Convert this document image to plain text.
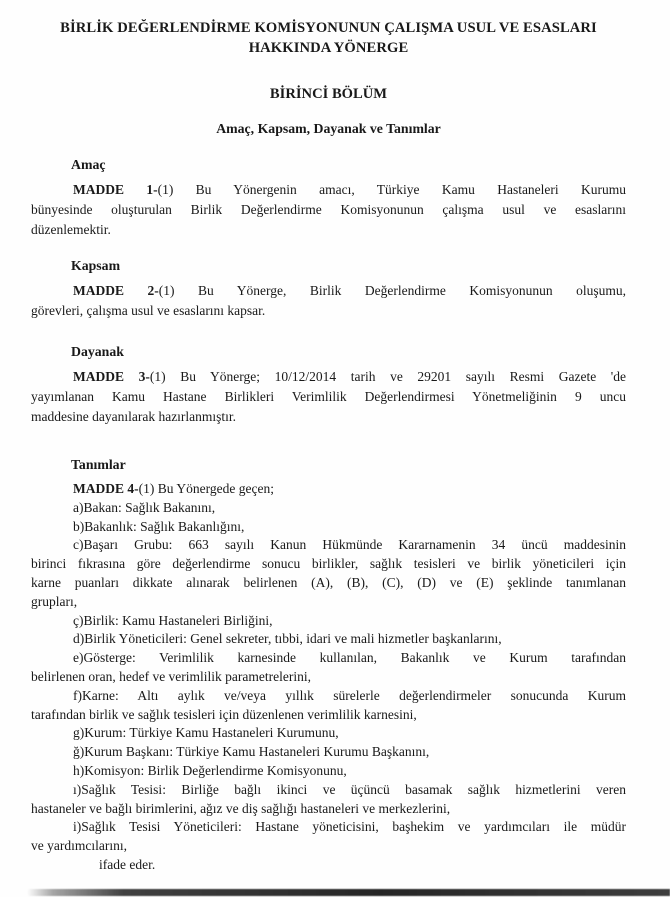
BİRLİK DEĞERLENDİRME KOMİSYONUNUN ÇALIŞMA USUL VE ESASLARI
HAKKINDA YÖNERGE
BİRİNCİ BÖLÜM
Amaç, Kapsam, Dayanak ve Tanımlar
Amaç
MADDE 1-(1) Bu Yönergenin amacı, Türkiye Kamu Hastaneleri Kurumu
bünyesinde oluşturulan Birlik Değerlendirme Komisyonunun çalışma usul ve esaslarını
düzenlemektir.
Kapsam
MADDE 2-(1) Bu Yönerge, Birlik Değerlendirme Komisyonunun oluşumu,
görevleri, çalışma usul ve esaslarını kapsar.
Dayanak
MADDE 3-(1) Bu Yönerge; 10/12/2014 tarih ve 29201 sayılı Resmi Gazete 'de
yayımlanan Kamu Hastane Birlikleri Verimlilik Değerlendirmesi Yönetmeliğinin 9 uncu
maddesine dayanılarak hazırlanmıştır.
Tanımlar
MADDE 4-(1) Bu Yönergede geçen;
a)Bakan: Sağlık Bakanını,
b)Bakanlık: Sağlık Bakanlığını,
c)Başarı Grubu: 663 sayılı Kanun Hükmünde Kararnamenin 34 üncü maddesinin
birinci fıkrasına göre değerlendirme sonucu birlikler, sağlık tesisleri ve birlik yöneticileri için
karne puanları dikkate alınarak belirlenen (A), (B), (C), (D) ve (E) şeklinde tanımlanan
grupları,
ç)Birlik: Kamu Hastaneleri Birliğini,
d)Birlik Yöneticileri: Genel sekreter, tıbbi, idari ve mali hizmetler başkanlarını,
e)Gösterge: Verimlilik karnesinde kullanılan, Bakanlık ve Kurum tarafından
belirlenen oran, hedef ve verimlilik parametrelerini,
f)Karne: Altı aylık ve/veya yıllık sürelerle değerlendirmeler sonucunda Kurum
tarafından birlik ve sağlık tesisleri için düzenlenen verimlilik karnesini,
g)Kurum: Türkiye Kamu Hastaneleri Kurumunu,
ğ)Kurum Başkanı: Türkiye Kamu Hastaneleri Kurumu Başkanını,
h)Komisyon: Birlik Değerlendirme Komisyonunu,
ı)Sağlık Tesisi: Birliğe bağlı ikinci ve üçüncü basamak sağlık hizmetlerini veren
hastaneler ve bağlı birimlerini, ağız ve diş sağlığı hastaneleri ve merkezlerini,
i)Sağlık Tesisi Yöneticileri: Hastane yöneticisini, başhekim ve yardımcıları ile müdür
ve yardımcılarını,
ifade eder.
